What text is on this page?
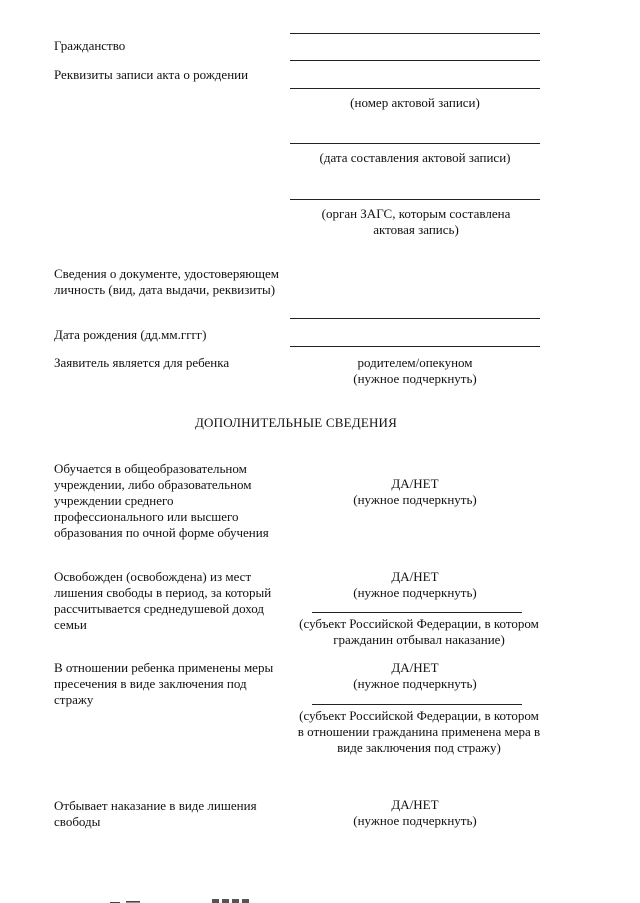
Гражданство
Реквизиты записи акта о рождении
(номер актовой записи)
(дата составления актовой записи)
(орган ЗАГС, которым составлена актовая запись)
Сведения о документе, удостоверяющем личность (вид, дата выдачи, реквизиты)
Дата рождения (дд.мм.гггг)
Заявитель является для ребенка	родителем/опекуном
(нужное подчеркнуть)
ДОПОЛНИТЕЛЬНЫЕ СВЕДЕНИЯ
Обучается в общеобразовательном учреждении, либо образовательном учреждении среднего профессионального или высшего образования по очной форме обучения
ДА/НЕТ
(нужное подчеркнуть)
Освобожден (освобождена) из мест лишения свободы в период, за который рассчитывается среднедушевой доход семьи
ДА/НЕТ
(нужное подчеркнуть)
(субъект Российской Федерации, в котором гражданин отбывал наказание)
В отношении ребенка применены меры пресечения в виде заключения под стражу
ДА/НЕТ
(нужное подчеркнуть)
(субъект Российской Федерации, в котором в отношении гражданина применена мера в виде заключения под стражу)
Отбывает наказание в виде лишения свободы
ДА/НЕТ
(нужное подчеркнуть)
